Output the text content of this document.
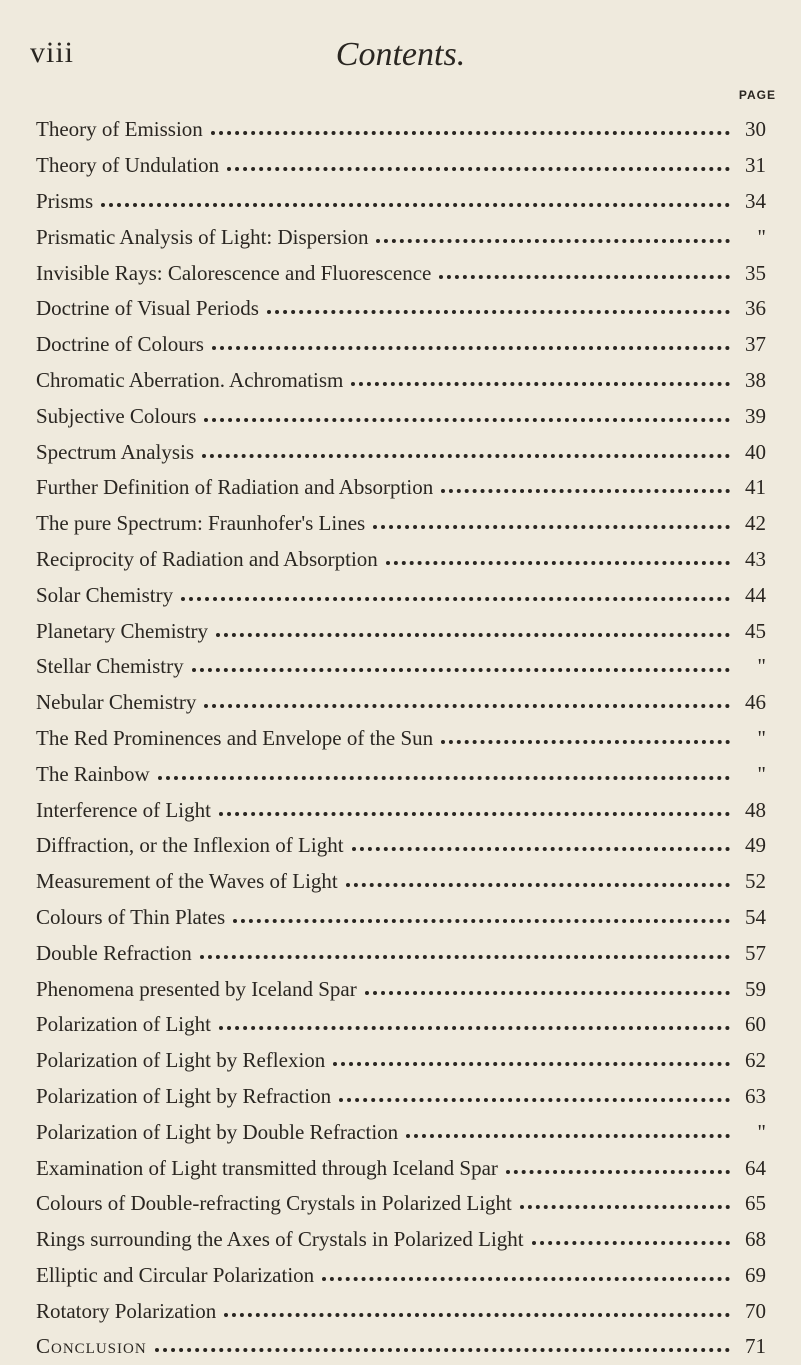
viii	Contents.
PAGE
Theory of Emission	30
Theory of Undulation	31
Prisms	34
Prismatic Analysis of Light: Dispersion	"
Invisible Rays: Calorescence and Fluorescence	35
Doctrine of Visual Periods	36
Doctrine of Colours	37
Chromatic Aberration. Achromatism	38
Subjective Colours	39
Spectrum Analysis	40
Further Definition of Radiation and Absorption	41
The pure Spectrum: Fraunhofer's Lines	42
Reciprocity of Radiation and Absorption	43
Solar Chemistry	44
Planetary Chemistry	45
Stellar Chemistry	"
Nebular Chemistry	46
The Red Prominences and Envelope of the Sun	"
The Rainbow	"
Interference of Light	48
Diffraction, or the Inflexion of Light	49
Measurement of the Waves of Light	52
Colours of Thin Plates	54
Double Refraction	57
Phenomena presented by Iceland Spar	59
Polarization of Light	60
Polarization of Light by Reflexion	62
Polarization of Light by Refraction	63
Polarization of Light by Double Refraction	"
Examination of Light transmitted through Iceland Spar	64
Colours of Double-refracting Crystals in Polarized Light	65
Rings surrounding the Axes of Crystals in Polarized Light	68
Elliptic and Circular Polarization	69
Rotatory Polarization	70
Conclusion	71
